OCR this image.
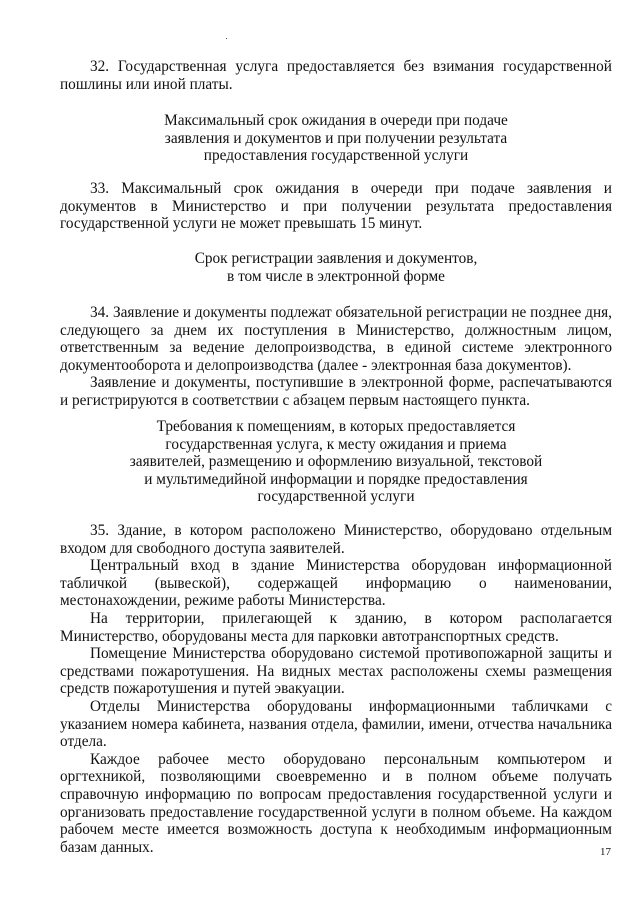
32. Государственная услуга предоставляется без взимания государственной пошлины или иной платы.

Максимальный срок ожидания в очереди при подаче

заявления и документов и при получении результата

предоставления государственной услуги

33. Максимальный срок ожидания в очереди при подаче заявления и документов в Министерство и при получении результата предоставления государственной услуги не может превышать 15 минут.

Срок регистрации заявления и документов,

в том числе в электронной форме

34. Заявление и документы подлежат обязательной регистрации не позднее дня, следующего за днем их поступления в Министерство, должностным лицом, ответственным за ведение делопроизводства, в единой системе электронного документооборота и делопроизводства (далее - электронная база документов).

Заявление и документы, поступившие в электронной форме, распечатываются и регистрируются в соответствии с абзацем первым настоящего пункта.

Требования к помещениям, в которых предоставляется

государственная услуга, к месту ожидания и приема

заявителей, размещению и оформлению визуальной, текстовой

и мультимедийной информации и порядке предоставления

государственной услуги

35. Здание, в котором расположено Министерство, оборудовано отдельным входом для свободного доступа заявителей.

Центральный вход в здание Министерства оборудован информационной табличкой (вывеской), содержащей информацию о наименовании, местонахождении, режиме работы Министерства.

На территории, прилегающей к зданию, в котором располагается Министерство, оборудованы места для парковки автотранспортных средств.

Помещение Министерства оборудовано системой противопожарной защиты и средствами пожаротушения. На видных местах расположены схемы размещения средств пожаротушения и путей эвакуации.

Отделы Министерства оборудованы информационными табличками с указанием номера кабинета, названия отдела, фамилии, имени, отчества начальника отдела.

Каждое рабочее место оборудовано персональным компьютером и оргтехникой, позволяющими своевременно и в полном объеме получать справочную информацию по вопросам предоставления государственной услуги и организовать предоставление государственной услуги в полном объеме. На каждом рабочем месте имеется возможность доступа к необходимым информационным базам данных.	17
